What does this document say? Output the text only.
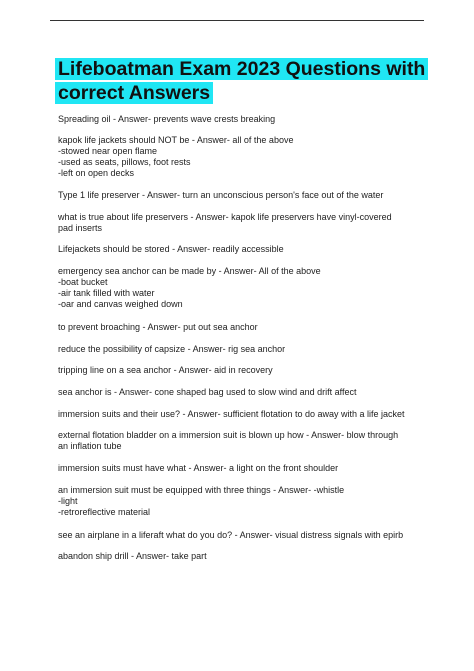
Lifeboatman Exam 2023 Questions with
correct Answers
Spreading oil - Answer- prevents wave crests breaking
kapok life jackets should NOT be - Answer- all of the above
-stowed near open flame
-used as seats, pillows, foot rests
-left on open decks
Type 1 life preserver - Answer- turn an unconscious person's face out of the water
what is true about life preservers - Answer- kapok life preservers have vinyl-covered
pad inserts
Lifejackets should be stored - Answer- readily accessible
emergency sea anchor can be made by - Answer- All of the above
-boat bucket
-air tank filled with water
-oar and canvas weighed down
to prevent broaching - Answer- put out sea anchor
reduce the possibility of capsize - Answer- rig sea anchor
tripping line on a sea anchor - Answer- aid in recovery
sea anchor is - Answer- cone shaped bag used to slow wind and drift affect
immersion suits and their use? - Answer- sufficient flotation to do away with a life jacket
external flotation bladder on a immersion suit is blown up how - Answer- blow through
an inflation tube
immersion suits must have what - Answer- a light on the front shoulder
an immersion suit must be equipped with three things - Answer- -whistle
-light
-retroreflective material
see an airplane in a liferaft what do you do? - Answer- visual distress signals with epirb
abandon ship drill - Answer- take part
